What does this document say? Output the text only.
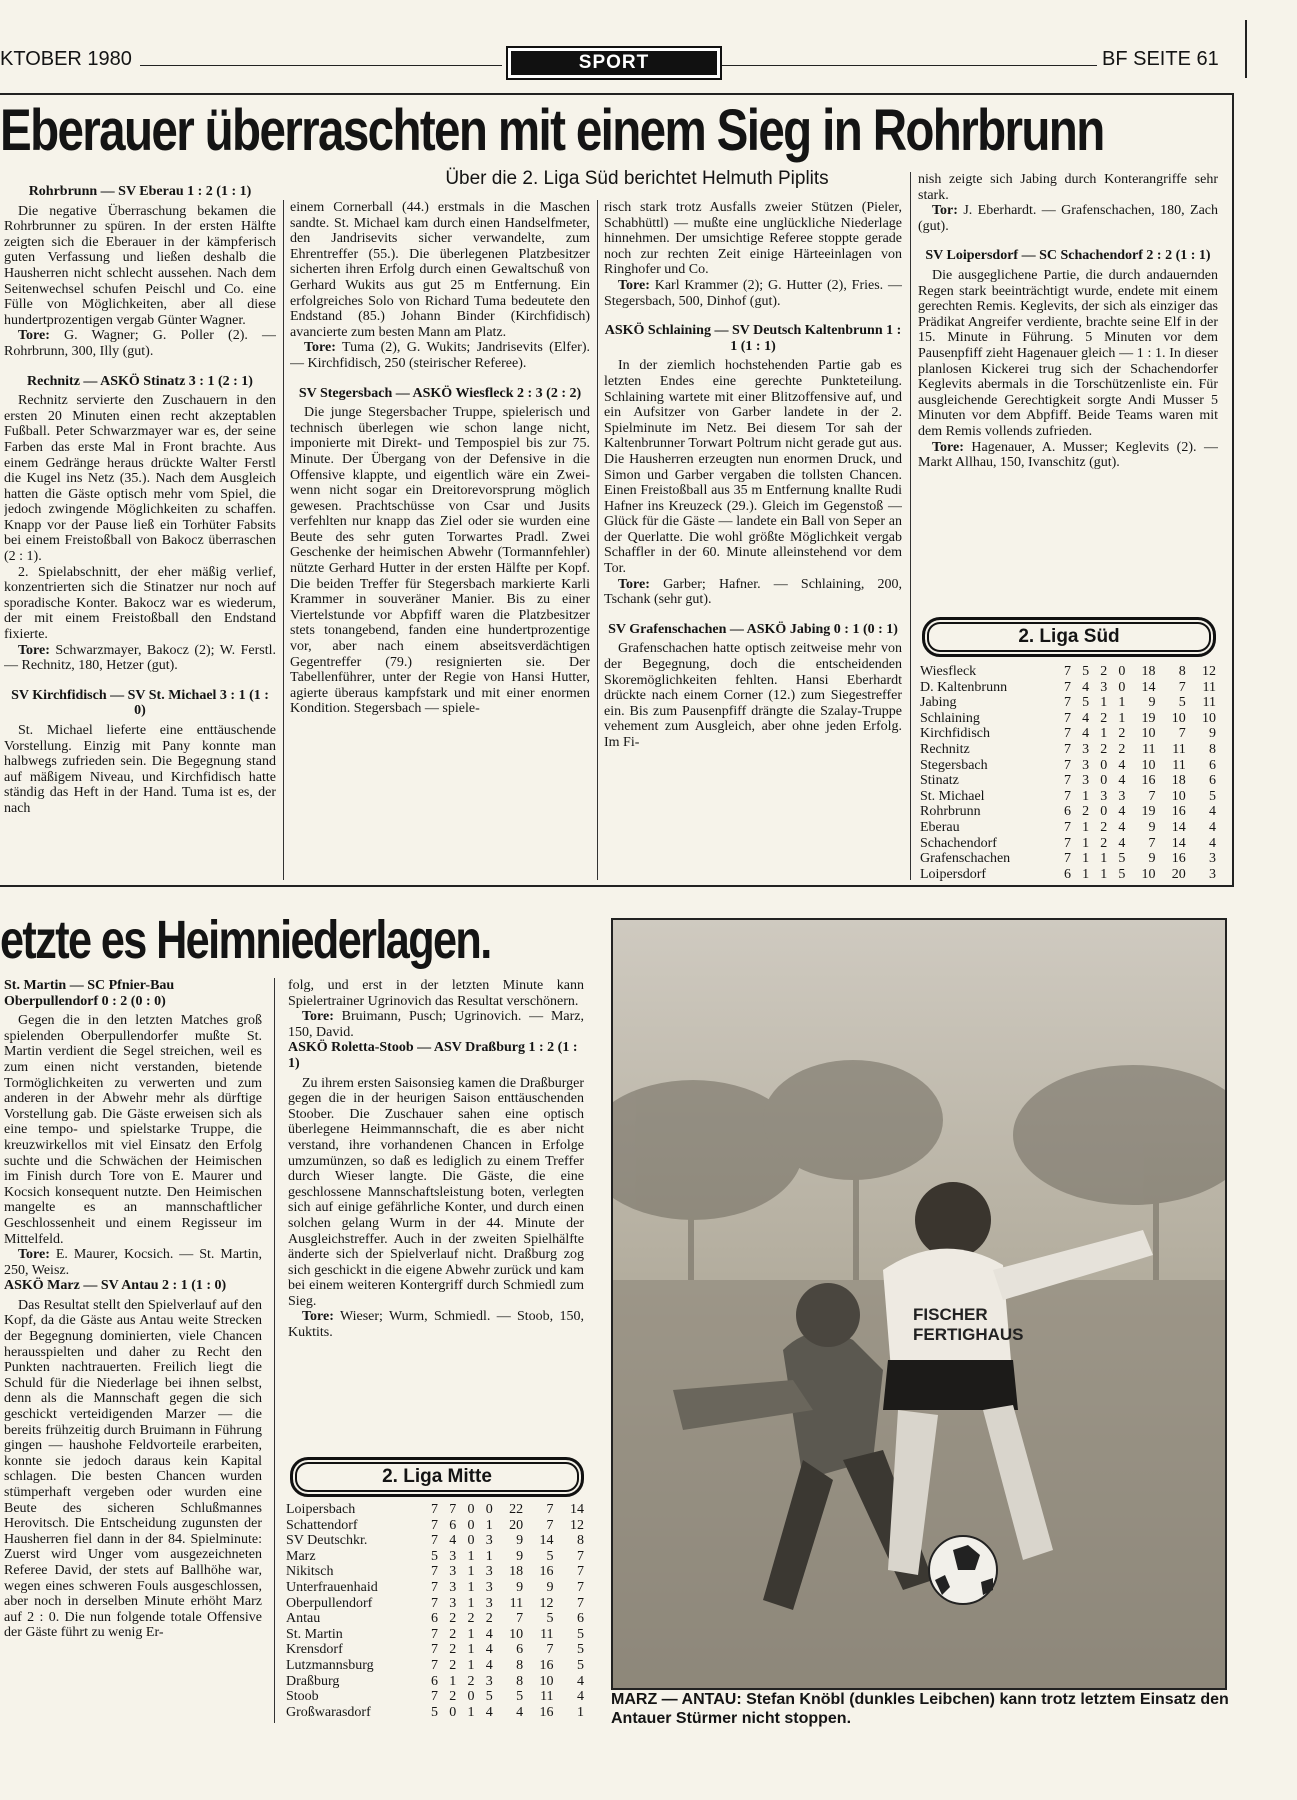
KTOBER 1980	SPORT	BF SEITE 61
Eberauer überraschten mit einem Sieg in Rohrbrunn
Über die 2. Liga Süd berichtet Helmuth Piplits

Rohrbrunn — SV Eberau 1 : 2 (1 : 1)

Die negative Überraschung bekamen die Rohrbrunner zu spüren. In der ersten Hälfte zeigten sich die Eberauer in der kämpferisch guten Verfassung und ließen deshalb die Hausherren nicht schlecht aussehen. Nach dem Seitenwechsel schufen Peischl und Co. eine Fülle von Möglichkeiten, aber all diese hundertprozentigen vergab Günter Wagner.

Tore: G. Wagner; G. Poller (2). — Rohrbrunn, 300, Illy (gut).

Rechnitz — ASKÖ Stinatz 3 : 1 (2 : 1)

Rechnitz servierte den Zuschauern in den ersten 20 Minuten einen recht akzeptablen Fußball. Peter Schwarzmayer war es, der seine Farben das erste Mal in Front brachte. Aus einem Gedränge heraus drückte Walter Ferstl die Kugel ins Netz (35.). Nach dem Ausgleich hatten die Gäste optisch mehr vom Spiel, die jedoch zwingende Möglichkeiten zu schaffen. Knapp vor der Pause ließ ein Torhüter Fabsits bei einem Freistoßball von Bakocz überraschen (2 : 1).

2. Spielabschnitt, der eher mäßig verlief, konzentrierten sich die Stinatzer nur noch auf sporadische Konter. Bakocz war es wiederum, der mit einem Freistoßball den Endstand fixierte.

Tore: Schwarzmayer, Bakocz (2); W. Ferstl. — Rechnitz, 180, Hetzer (gut).

SV Kirchfidisch — SV St. Michael 3 : 1 (1 : 0)

St. Michael lieferte eine enttäuschende Vorstellung. Einzig mit Pany konnte man halbwegs zufrieden sein. Die Begegnung stand auf mäßigem Niveau, und Kirchfidisch hatte ständig das Heft in der Hand. Tuma ist es, der nach

einem Cornerball (44.) erstmals in die Maschen sandte. St. Michael kam durch einen Handselfmeter, den Jandrisevits sicher verwandelte, zum Ehrentreffer (55.). Die überlegenen Platzbesitzer sicherten ihren Erfolg durch einen Gewaltschuß von Gerhard Wukits aus gut 25 m Entfernung. Ein erfolgreiches Solo von Richard Tuma bedeutete den Endstand (85.) Johann Binder (Kirchfidisch) avancierte zum besten Mann am Platz.

Tore: Tuma (2), G. Wukits; Jandrisevits (Elfer). — Kirchfidisch, 250 (steirischer Referee).

SV Stegersbach — ASKÖ Wiesfleck 2 : 3 (2 : 2)

Die junge Stegersbacher Truppe, spielerisch und technisch überlegen wie schon lange nicht, imponierte mit Direkt- und Tempospiel bis zur 75. Minute. Der Übergang von der Defensive in die Offensive klappte, und eigentlich wäre ein Zwei- wenn nicht sogar ein Dreitorevorsprung möglich gewesen. Prachtschüsse von Csar und Jusits verfehlten nur knapp das Ziel oder sie wurden eine Beute des sehr guten Torwartes Pradl. Zwei Geschenke der heimischen Abwehr (Tormannfehler) nützte Gerhard Hutter in der ersten Hälfte per Kopf. Die beiden Treffer für Stegersbach markierte Karli Krammer in souveräner Manier. Bis zu einer Viertelstunde vor Abpfiff waren die Platzbesitzer stets tonangebend, fanden eine hundertprozentige vor, aber nach einem abseitsverdächtigen Gegentreffer (79.) resignierten sie. Der Tabellenführer, unter der Regie von Hansi Hutter, agierte überaus kampfstark und mit einer enormen Kondition. Stegersbach — spiele-

risch stark trotz Ausfalls zweier Stützen (Pieler, Schabhüttl) — mußte eine unglückliche Niederlage hinnehmen. Der umsichtige Referee stoppte gerade noch zur rechten Zeit einige Härteeinlagen von Ringhofer und Co.

Tore: Karl Krammer (2); G. Hutter (2), Fries. — Stegersbach, 500, Dinhof (gut).

ASKÖ Schlaining — SV Deutsch Kaltenbrunn 1 : 1 (1 : 1)

In der ziemlich hochstehenden Partie gab es letzten Endes eine gerechte Punkteteilung. Schlaining wartete mit einer Blitzoffensive auf, und ein Aufsitzer von Garber landete in der 2. Spielminute im Netz. Bei diesem Tor sah der Kaltenbrunner Torwart Poltrum nicht gerade gut aus. Die Hausherren erzeugten nun enormen Druck, und Simon und Garber vergaben die tollsten Chancen. Einen Freistoßball aus 35 m Entfernung knallte Rudi Hafner ins Kreuzeck (29.). Gleich im Gegenstoß — Glück für die Gäste — landete ein Ball von Seper an der Querlatte. Die wohl größte Möglichkeit vergab Schaffler in der 60. Minute alleinstehend vor dem Tor.

Tore: Garber; Hafner. — Schlaining, 200, Tschank (sehr gut).

SV Grafenschachen — ASKÖ Jabing 0 : 1 (0 : 1)

Grafenschachen hatte optisch zeitweise mehr von der Begegnung, doch die entscheidenden Skoremöglichkeiten fehlten. Hansi Eberhardt drückte nach einem Corner (12.) zum Siegestreffer ein. Bis zum Pausenpfiff drängte die Szalay-Truppe vehement zum Ausgleich, aber ohne jeden Erfolg. Im Fi-

nish zeigte sich Jabing durch Konterangriffe sehr stark.

Tor: J. Eberhardt. — Grafenschachen, 180, Zach (gut).

SV Loipersdorf — SC Schachendorf 2 : 2 (1 : 1)

Die ausgeglichene Partie, die durch andauernden Regen stark beeinträchtigt wurde, endete mit einem gerechten Remis. Keglevits, der sich als einziger das Prädikat Angreifer verdiente, brachte seine Elf in der 15. Minute in Führung. 5 Minuten vor dem Pausenpfiff zieht Hagenauer gleich — 1 : 1. In dieser planlosen Kickerei trug sich der Schachendorfer Keglevits abermals in die Torschützenliste ein. Für ausgleichende Gerechtigkeit sorgte Andi Musser 5 Minuten vor dem Abpfiff. Beide Teams waren mit dem Remis vollends zufrieden.

Tore: Hagenauer, A. Musser; Keglevits (2). — Markt Allhau, 150, Ivanschitz (gut).

2. Liga Süd
Wiesfleck	7	5	2	0	18	8	12
D. Kaltenbrunn	7	4	3	0	14	7	11
Jabing	7	5	1	1	9	5	11
Schlaining	7	4	2	1	19	10	10
Kirchfidisch	7	4	1	2	10	7	9
Rechnitz	7	3	2	2	11	11	8
Stegersbach	7	3	0	4	10	11	6
Stinatz	7	3	0	4	16	18	6
St. Michael	7	1	3	3	7	10	5
Rohrbrunn	6	2	0	4	19	16	4
Eberau	7	1	2	4	9	14	4
Schachendorf	7	1	2	4	7	14	4
Grafenschachen	7	1	1	5	9	16	3
Loipersdorf	6	1	1	5	10	20	3
etzte es Heimniederlagen.

St. Martin — SC Pfnier-Bau Oberpullendorf 0 : 2 (0 : 0)

Gegen die in den letzten Matches groß spielenden Oberpullendorfer mußte St. Martin verdient die Segel streichen, weil es zum einen nicht verstanden, bietende Tormöglichkeiten zu verwerten und zum anderen in der Abwehr mehr als dürftige Vorstellung gab. Die Gäste erweisen sich als eine tempo- und spielstarke Truppe, die kreuzwirkellos mit viel Einsatz den Erfolg suchte und die Schwächen der Heimischen im Finish durch Tore von E. Maurer und Kocsich konsequent nutzte. Den Heimischen mangelte es an mannschaftlicher Geschlossenheit und einem Regisseur im Mittelfeld.

Tore: E. Maurer, Kocsich. — St. Martin, 250, Weisz.

ASKÖ Marz — SV Antau 2 : 1 (1 : 0)

Das Resultat stellt den Spielverlauf auf den Kopf, da die Gäste aus Antau weite Strecken der Begegnung dominierten, viele Chancen herausspielten und daher zu Recht den Punkten nachtrauerten. Freilich liegt die Schuld für die Niederlage bei ihnen selbst, denn als die Mannschaft gegen die sich geschickt verteidigenden Marzer — die bereits frühzeitig durch Bruimann in Führung gingen — haushohe Feldvorteile erarbeiten, konnte sie jedoch daraus kein Kapital schlagen. Die besten Chancen wurden stümperhaft vergeben oder wurden eine Beute des sicheren Schlußmannes Herovitsch. Die Entscheidung zugunsten der Hausherren fiel dann in der 84. Spielminute: Zuerst wird Unger vom ausgezeichneten Referee David, der stets auf Ballhöhe war, wegen eines schweren Fouls ausgeschlossen, aber noch in derselben Minute erhöht Marz auf 2 : 0. Die nun folgende totale Offensive der Gäste führt zu wenig Er-

folg, und erst in der letzten Minute kann Spielertrainer Ugrinovich das Resultat verschönern.

Tore: Bruimann, Pusch; Ugrinovich. — Marz, 150, David.

ASKÖ Roletta-Stoob — ASV Draßburg 1 : 2 (1 : 1)

Zu ihrem ersten Saisonsieg kamen die Draßburger gegen die in der heurigen Saison enttäuschenden Stoober. Die Zuschauer sahen eine optisch überlegene Heimmannschaft, die es aber nicht verstand, ihre vorhandenen Chancen in Erfolge umzumünzen, so daß es lediglich zu einem Treffer durch Wieser langte. Die Gäste, die eine geschlossene Mannschaftsleistung boten, verlegten sich auf einige gefährliche Konter, und durch einen solchen gelang Wurm in der 44. Minute der Ausgleichstreffer. Auch in der zweiten Spielhälfte änderte sich der Spielverlauf nicht. Draßburg zog sich geschickt in die eigene Abwehr zurück und kam bei einem weiteren Kontergriff durch Schmiedl zum Sieg.

Tore: Wieser; Wurm, Schmiedl. — Stoob, 150, Kuktits.

2. Liga Mitte
Loipersbach	7	7	0	0	22	7	14
Schattendorf	7	6	0	1	20	7	12
SV Deutschkr.	7	4	0	3	9	14	8
Marz	5	3	1	1	9	5	7
Nikitsch	7	3	1	3	18	16	7
Unterfrauenhaid	7	3	1	3	9	9	7
Oberpullendorf	7	3	1	3	11	12	7
Antau	6	2	2	2	7	5	6
St. Martin	7	2	1	4	10	11	5
Krensdorf	7	2	1	4	6	7	5
Lutzmannsburg	7	2	1	4	8	16	5
Draßburg	6	1	2	3	8	10	4
Stoob	7	2	0	5	5	11	4
Großwarasdorf	5	0	1	4	4	16	1
FISCHER FERTIGHAUS
MARZ — ANTAU: Stefan Knöbl (dunkles Leibchen) kann trotz letztem Einsatz den Antauer Stürmer nicht stoppen.
